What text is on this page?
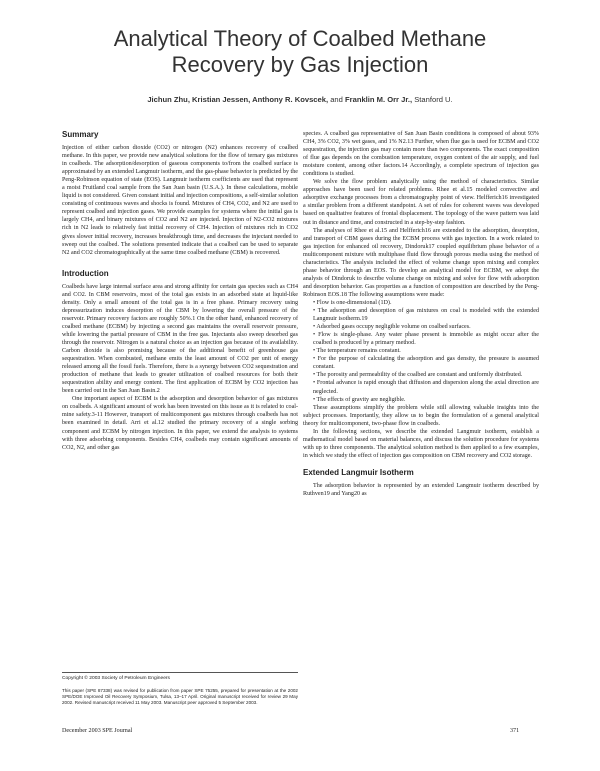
Analytical Theory of Coalbed Methane
Recovery by Gas Injection
Jichun Zhu, Kristian Jessen, Anthony R. Kovscek, and Franklin M. Orr Jr., Stanford U.
Summary

Injection of either carbon dioxide (CO2) or nitrogen (N2) enhances recovery of coalbed methane. In this paper, we provide new analytical solutions for the flow of ternary gas mixtures in coalbeds. The adsorption/desorption of gaseous components to/from the coalbed surface is approximated by an extended Langmuir isotherm, and the gas-phase behavior is predicted by the Peng-Robinson equation of state (EOS). Langmuir isotherm coefficients are used that represent a moist Fruitland coal sample from the San Juan basin (U.S.A.). In these calculations, mobile liquid is not considered. Given constant initial and injection compositions, a self-similar solution consisting of continuous waves and shocks is found. Mixtures of CH4, CO2, and N2 are used to represent coalbed and injection gases. We provide examples for systems where the initial gas is largely CH4, and binary mixtures of CO2 and N2 are injected. Injection of N2-CO2 mixtures rich in N2 leads to relatively fast initial recovery of CH4. Injection of mixtures rich in CO2 gives slower initial recovery, increases breakthrough time, and decreases the injectant needed to sweep out the coalbed. The solutions presented indicate that a coalbed can be used to separate N2 and CO2 chromatographically at the same time coalbed methane (CBM) is recovered.

Introduction

Coalbeds have large internal surface area and strong affinity for certain gas species such as CH4 and CO2. In CBM reservoirs, most of the total gas exists in an adsorbed state at liquid-like density. Only a small amount of the total gas is in a free phase. Primary recovery using depressurization induces desorption of the CBM by lowering the overall pressure of the reservoir. Primary recovery factors are roughly 50%.1 On the other hand, enhanced recovery of coalbed methane (ECBM) by injecting a second gas maintains the overall reservoir pressure, while lowering the partial pressure of CBM in the free gas. Injectants also sweep desorbed gas through the reservoir. Nitrogen is a natural choice as an injection gas because of its availability. Carbon dioxide is also promising because of the additional benefit of greenhouse gas sequestration. When combusted, methane emits the least amount of CO2 per unit of energy released among all the fossil fuels. Therefore, there is a synergy between CO2 sequestration and production of methane that leads to greater utilization of coalbed resources for both their sequestration ability and energy content. The first application of ECBM by CO2 injection has been carried out in the San Juan Basin.2

One important aspect of ECBM is the adsorption and desorption behavior of gas mixtures on coalbeds. A significant amount of work has been invested on this issue as it is related to coal-mine safety.3-11 However, transport of multicomponent gas mixtures through coalbeds has not been examined in detail. Arri et al.12 studied the primary recovery of a single sorbing component and ECBM by nitrogen injection. In this paper, we extend the analysis to systems with three adsorbing components. Besides CH4, coalbeds may contain significant amounts of CO2, N2, and other gas

species. A coalbed gas representative of San Juan Basin conditions is composed of about 93% CH4, 3% CO2, 3% wet gases, and 1% N2.13 Further, when flue gas is used for ECBM and CO2 sequestration, the injection gas may contain more than two components. The exact composition of flue gas depends on the combustion temperature, oxygen content of the air supply, and fuel moisture content, among other factors.14 Accordingly, a complete spectrum of injection gas conditions is studied.

We solve the flow problem analytically using the method of characteristics. Similar approaches have been used for related problems. Rhee et al.15 modeled convective and adsorptive exchange processes from a chromatography point of view. Helfferich16 investigated a similar problem from a different standpoint. A set of rules for coherent waves was developed based on qualitative features of frontal displacement. The topology of the wave pattern was laid out in distance and time, and constructed in a step-by-step fashion.

The analyses of Rhee et al.15 and Helfferich16 are extended to the adsorption, desorption, and transport of CBM gases during the ECBM process with gas injection. In a work related to gas injection for enhanced oil recovery, Dindoruk17 coupled equilibrium phase behavior of a multicomponent mixture with multiphase fluid flow through porous media using the method of characteristics. The analysis included the effect of volume change upon mixing and complex phase behavior through an EOS. To develop an analytical model for ECBM, we adopt the analysis of Dindoruk to describe volume change on mixing and solve for flow with adsorption and desorption behavior. Gas properties as a function of composition are described by the Peng-Robinson EOS.18 The following assumptions were made:

• Flow is one-dimensional (1D).

• The adsorption and desorption of gas mixtures on coal is modeled with the extended Langmuir isotherm.19

• Adsorbed gases occupy negligible volume on coalbed surfaces.

• Flow is single-phase. Any water phase present is immobile as might occur after the coalbed is produced by a primary method.

• The temperature remains constant.

• For the purpose of calculating the adsorption and gas density, the pressure is assumed constant.

• The porosity and permeability of the coalbed are constant and uniformly distributed.

• Frontal advance is rapid enough that diffusion and dispersion along the axial direction are neglected.

• The effects of gravity are negligible.

These assumptions simplify the problem while still allowing valuable insights into the subject processes. Importantly, they allow us to begin the formulation of a general analytical theory for multicomponent, two-phase flow in coalbeds.

In the following sections, we describe the extended Langmuir isotherm, establish a mathematical model based on material balances, and discuss the solution procedure for systems with up to three components. The analytical solution method is then applied to a few examples, in which we study the effect of injection gas composition on CBM recovery and CO2 storage.

Extended Langmuir Isotherm

The adsorption behavior is represented by an extended Langmuir isotherm described by Ruthven19 and Yang20 as

Copyright © 2003 Society of Petroleum Engineers
This paper (SPE 87338) was revised for publication from paper SPE 75255, prepared for presentation at the 2002 SPE/DOE Improved Oil Recovery Symposium, Tulsa, 13–17 April. Original manuscript received for review 29 May 2002. Revised manuscript received 11 May 2003. Manuscript peer approved 5 September 2003.
December 2003 SPE Journal	371
